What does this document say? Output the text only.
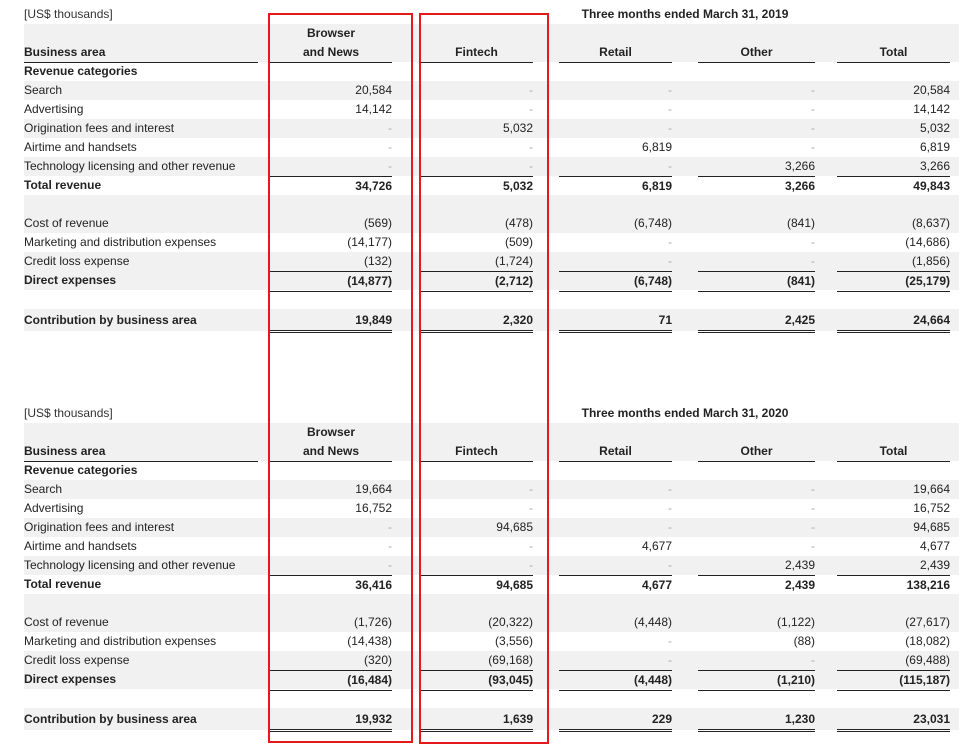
[US$ thousands]	Three months ended March 31, 2019
Browser
Business area	and News	Fintech	Retail	Other	Total
Revenue categories
Search	20,584	-	-	-	20,584
Advertising	14,142	-	-	-	14,142
Origination fees and interest	-	5,032	-	-	5,032
Airtime and handsets	-	-	6,819	-	6,819
Technology licensing and other revenue	-	-	-	3,266	3,266
Total revenue	34,726	5,032	6,819	3,266	49,843
Cost of revenue	(569)	(478)	(6,748)	(841)	(8,637)
Marketing and distribution expenses	(14,177)	(509)	-	-	(14,686)
Credit loss expense	(132)	(1,724)	-	-	(1,856)
Direct expenses	(14,877)	(2,712)	(6,748)	(841)	(25,179)
Contribution by business area	19,849	2,320	71	2,425	24,664
[US$ thousands]	Three months ended March 31, 2020
Browser
Business area	and News	Fintech	Retail	Other	Total
Revenue categories
Search	19,664	-	-	-	19,664
Advertising	16,752	-	-	-	16,752
Origination fees and interest	-	94,685	-	-	94,685
Airtime and handsets	-	-	4,677	-	4,677
Technology licensing and other revenue	-	-	-	2,439	2,439
Total revenue	36,416	94,685	4,677	2,439	138,216
Cost of revenue	(1,726)	(20,322)	(4,448)	(1,122)	(27,617)
Marketing and distribution expenses	(14,438)	(3,556)	-	(88)	(18,082)
Credit loss expense	(320)	(69,168)	-	-	(69,488)
Direct expenses	(16,484)	(93,045)	(4,448)	(1,210)	(115,187)
Contribution by business area	19,932	1,639	229	1,230	23,031
